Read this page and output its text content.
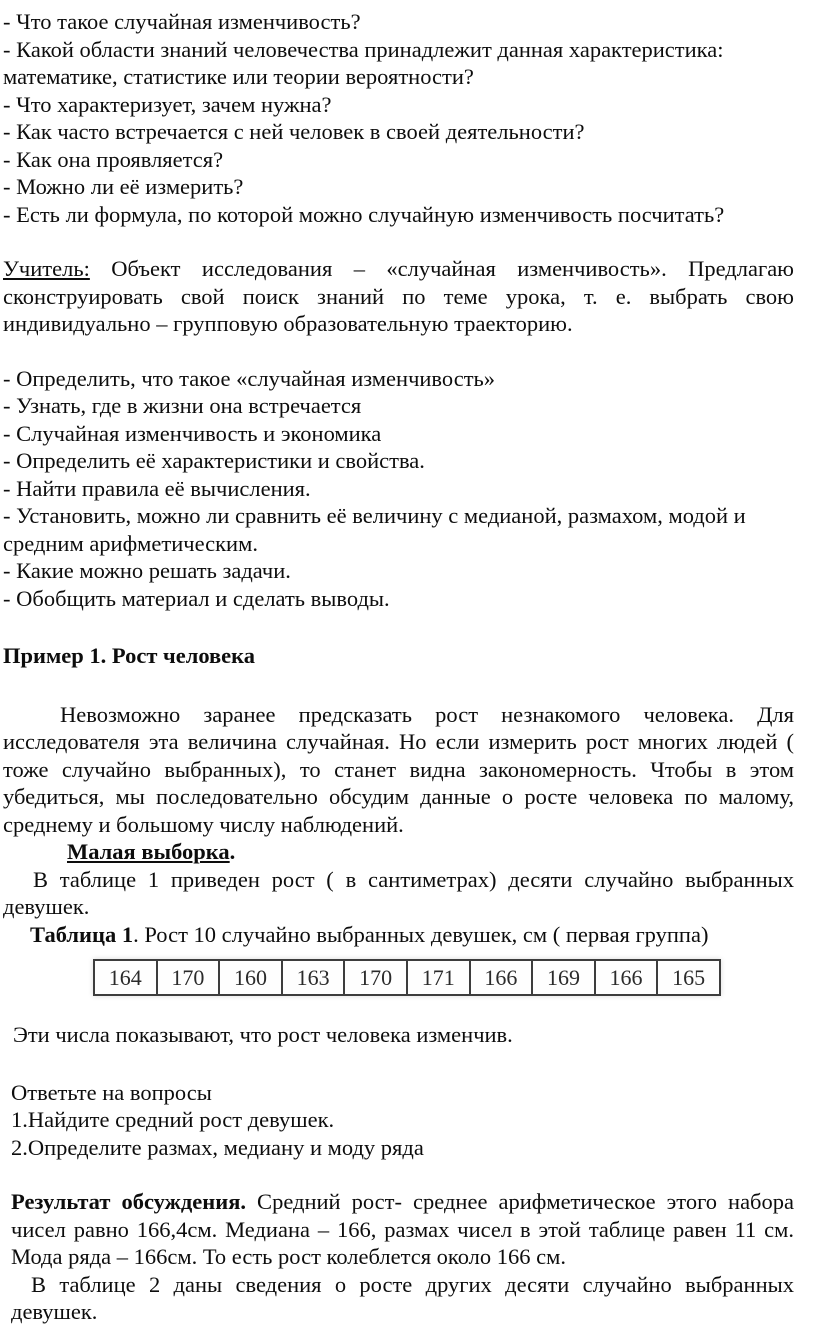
- Что такое случайная изменчивость?

- Какой области знаний человечества принадлежит данная характеристика: математике, статистике или теории вероятности?

- Что характеризует, зачем нужна?

- Как часто встречается с ней человек в своей деятельности?

- Как она проявляется?

- Можно ли её измерить?

- Есть ли формула, по которой можно случайную изменчивость посчитать?

Учитель: Объект исследования – «случайная изменчивость». Предлагаю сконструировать свой поиск знаний по теме урока, т. е. выбрать свою индивидуально – групповую образовательную траекторию.

- Определить, что такое «случайная изменчивость»

- Узнать, где в жизни она встречается

- Случайная изменчивость и экономика

- Определить её характеристики и свойства.

- Найти правила её вычисления.

- Установить, можно ли сравнить её величину с медианой, размахом, модой и средним арифметическим.

- Какие можно решать задачи.

- Обобщить материал и сделать выводы.

Пример 1. Рост человека

Невозможно заранее предсказать рост незнакомого человека. Для исследователя эта величина случайная. Но если измерить рост многих людей ( тоже случайно выбранных), то станет видна закономерность. Чтобы в этом убедиться, мы последовательно обсудим данные о росте человека по малому, среднему и большому числу наблюдений.

Малая выборка.

В таблице 1 приведен рост ( в сантиметрах) десяти случайно выбранных девушек.

Таблица 1. Рост 10 случайно выбранных девушек, см ( первая группа)

164	170	160	163	170	171	166	169	166	165

Эти числа показывают, что рост человека изменчив.

Ответьте на вопросы

1.Найдите средний рост девушек.

2.Определите размах, медиану и моду ряда

Результат обсуждения. Средний рост- среднее арифметическое этого набора чисел равно 166,4см. Медиана – 166, размах чисел в этой таблице равен 11 см. Мода ряда – 166см. То есть рост колеблется около 166 см.

В таблице 2 даны сведения о росте других десяти случайно выбранных девушек.
